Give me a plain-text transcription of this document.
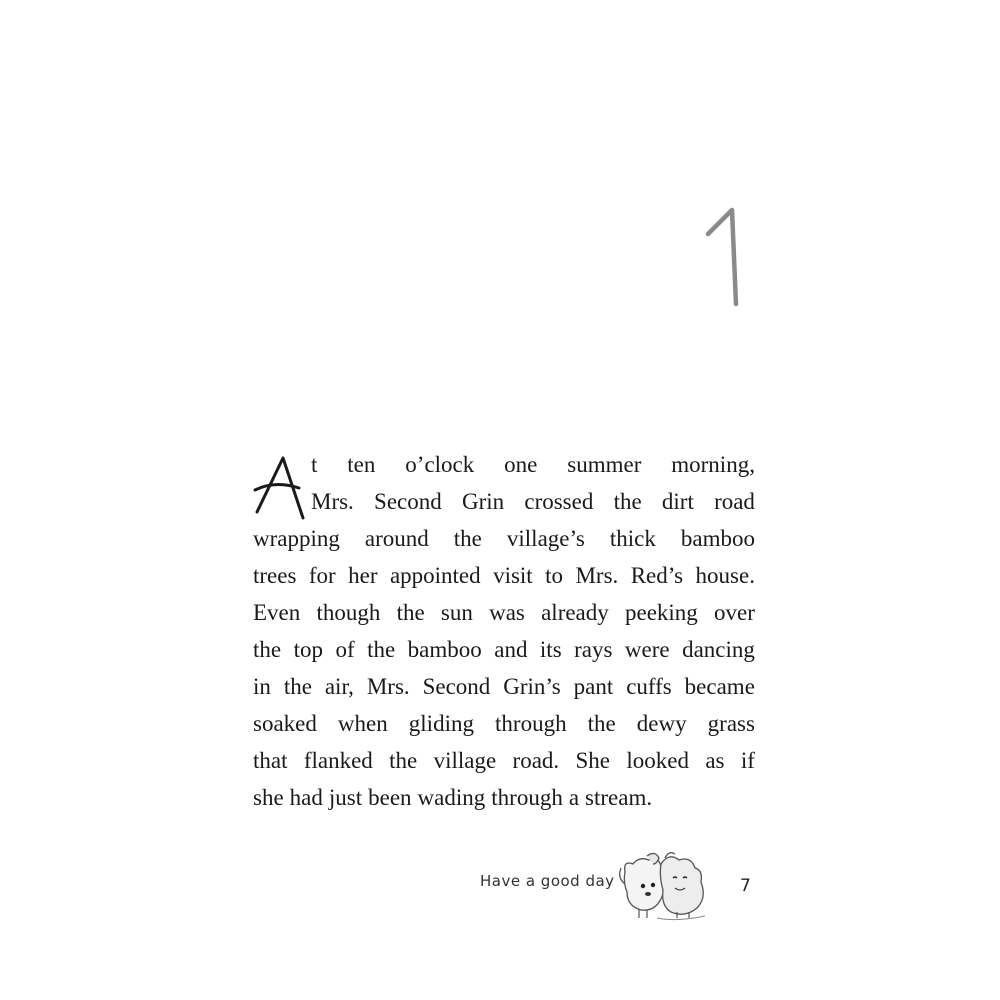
t ten o’clock one summer morning,
Mrs. Second Grin crossed the dirt road
wrapping around the village’s thick bamboo
trees for her appointed visit to Mrs. Red’s house.
Even though the sun was already peeking over
the top of the bamboo and its rays were dancing
in the air, Mrs. Second Grin’s pant cuffs became
soaked when gliding through the dewy grass
that flanked the village road. She looked as if
she had just been wading through a stream.
Have a good day	7
